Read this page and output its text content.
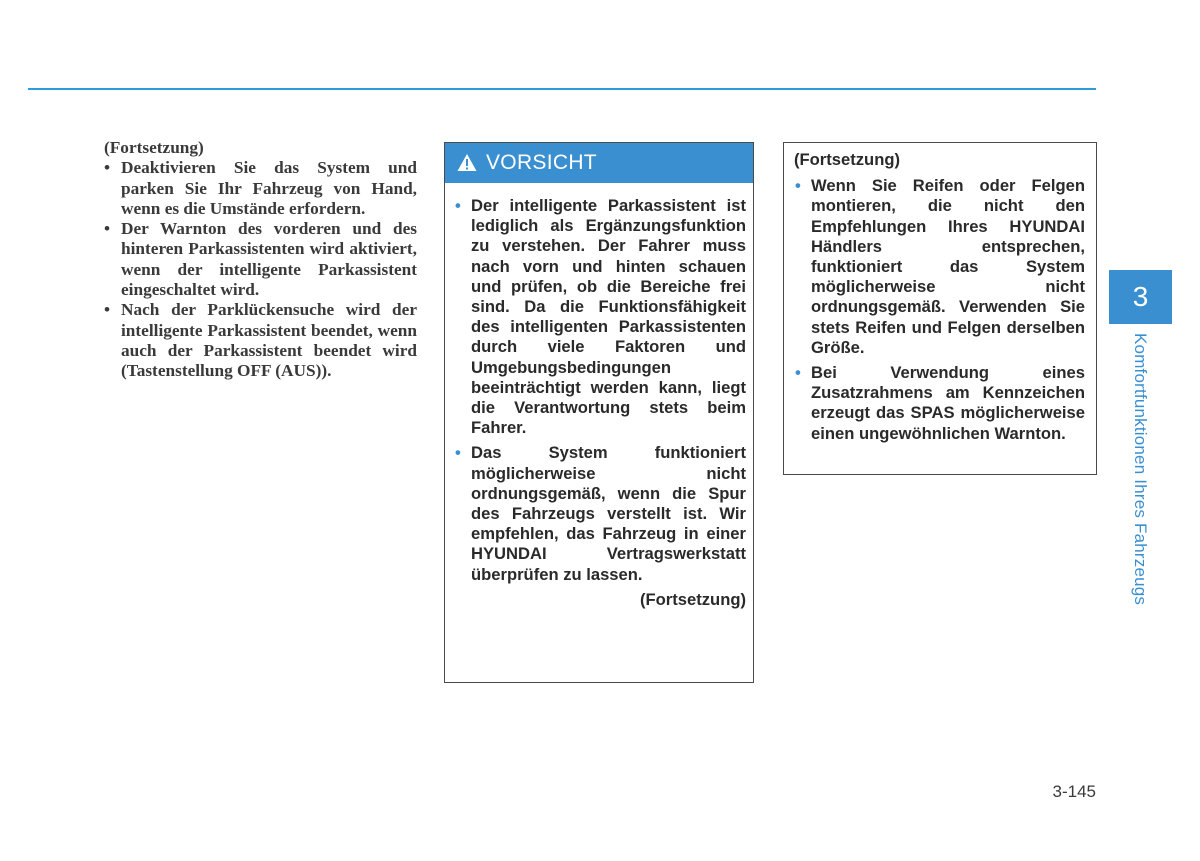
(Fortsetzung)
• Deaktivieren Sie das System und parken Sie Ihr Fahrzeug von Hand, wenn es die Umstände erfordern.
• Der Warnton des vorderen und des hinteren Parkassistenten wird aktiviert, wenn der intelligente Parkassistent eingeschaltet wird.
• Nach der Parklückensuche wird der intelligente Parkassistent beendet, wenn auch der Parkassistent beendet wird (Tastenstellung OFF (AUS)).
VORSICHT
• Der intelligente Parkassistent ist lediglich als Ergänzungsfunktion zu verstehen. Der Fahrer muss nach vorn und hinten schauen und prüfen, ob die Bereiche frei sind. Da die Funktionsfähigkeit des intelligenten Parkassistenten durch viele Faktoren und Umgebungsbedingungen beeinträchtigt werden kann, liegt die Verantwortung stets beim Fahrer.
• Das System funktioniert möglicherweise nicht ordnungsgemäß, wenn die Spur des Fahrzeugs verstellt ist. Wir empfehlen, das Fahrzeug in einer HYUNDAI Vertragswerkstatt überprüfen zu lassen.
(Fortsetzung)
(Fortsetzung)
• Wenn Sie Reifen oder Felgen montieren, die nicht den Empfehlungen Ihres HYUNDAI Händlers entsprechen, funktioniert das System möglicherweise nicht ordnungsgemäß. Verwenden Sie stets Reifen und Felgen derselben Größe.
• Bei Verwendung eines Zusatzrahmens am Kennzeichen erzeugt das SPAS möglicherweise einen ungewöhnlichen Warnton.
3
Komfortfunktionen Ihres Fahrzeugs
3-145
